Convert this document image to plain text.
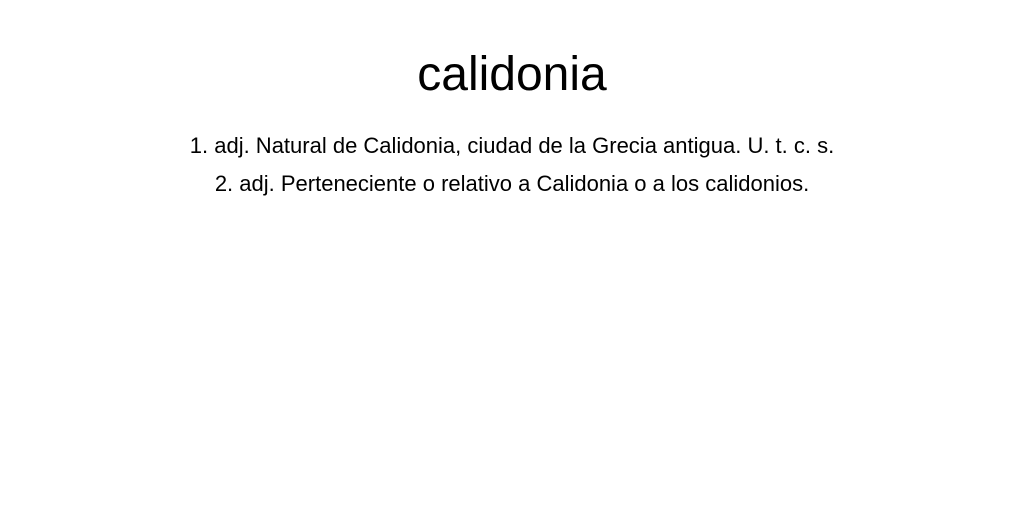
calidonia
1. adj. Natural de Calidonia, ciudad de la Grecia antigua. U. t. c. s.
2. adj. Perteneciente o relativo a Calidonia o a los calidonios.
